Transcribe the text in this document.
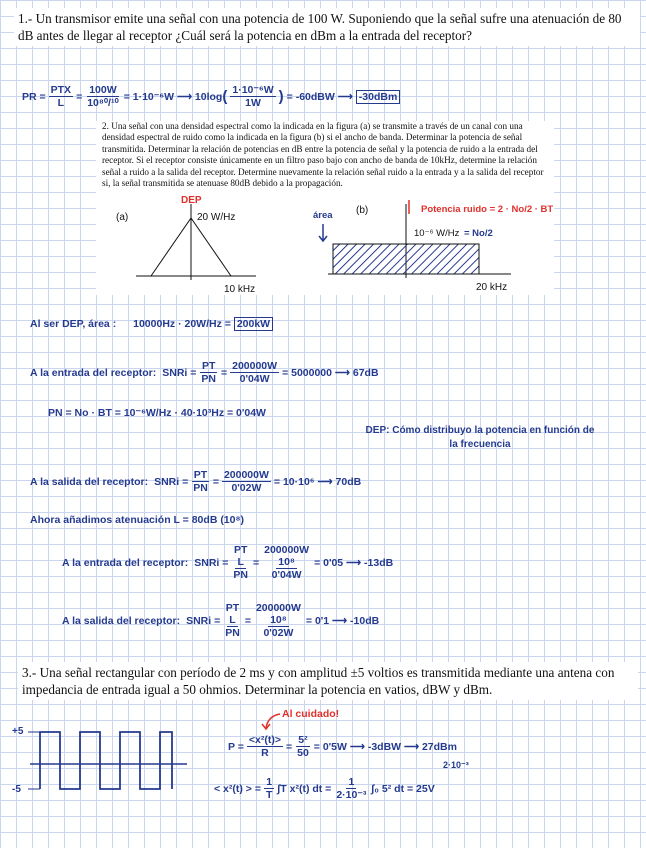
1.- Un transmisor emite una señal con una potencia de 100 W. Suponiendo que la señal sufre una atenuación de 80 dB antes de llegar al receptor ¿Cuál será la potencia en dBm a la entrada del receptor?
PR = $\frac{\text{PTX}}{L} = \frac{100W}{\text{10⁸⁰/¹⁰}} = 1\cdot 10^{-6}W$ ⟶ 10log ( $\frac{\text{1·10⁻⁶W}}{1W}$ ) = -60dBW ⟶ -30dBm

2. Una señal con una densidad espectral como la indicada en la figura (a) se transmite a través de un canal con una densidad espectral de ruido como la indicada en la figura (b) si el ancho de banda. Determinar la potencia de señal transmitida. Determinar la relación de potencias en dB entre la potencia de señal y la potencia de ruido a la entrada del receptor. Si el receptor consiste únicamente en un filtro paso bajo con ancho de banda de 10kHz, determine la relación señal a ruido a la salida del receptor. Determine nuevamente la relación señal ruido a la entrada y a la salida del receptor si, la señal transmitida se atenuase 80dB debido a la propagación.

(a)	20 W/Hz
10 kHz
DEP
(b)
10⁻⁶ W/Hz = No/2
20 kHz
área
Potencia ruido = 2 · No/2 · BT
Al ser DEP, área : 10000Hz · 20W/Hz = 200kW
A la entrada del receptor: SNRi = $\frac{PT}{PN} = \frac{200000W}{0'04W} = 5000000$ ⟶ 67dB
PN = No · BT = 10⁻⁶W/Hz · 40·10³Hz = 0'04W
DEP: Cómo distribuyo la potencia en función de la frecuencia
A la salida del receptor: SNRi = $\frac{PT}{PN} = \frac{200000W}{0'02W} = 10\cdot 10^6$ ⟶ 70dB
Ahora añadimos atenuación L = 80dB (10⁸)
A la entrada del receptor: SNRi =
PT
L
PN
=
200000W
10⁸
0'04W
= 0'05 ⟶ -13dB
A la salida del receptor: SNRi =
PT
L
PN
=
200000W
10⁸
0'02W
= 0'1 ⟶ -10dB
3.- Una señal rectangular con período de 2 ms y con amplitud ±5 voltios es transmitida mediante una antena con impedancia de entrada igual a 50 ohmios. Determinar la potencia en vatios, dBW y dBm.
+5
-5
Al cuidado!
$P = \frac{\text{<x²(t)>}}{R} = \frac{\text{5²}}{50} = 0'5W$ ⟶ -3dBW ⟶ 27dBm
2·10⁻³
< x²(t) > = $\frac{1}{T} \int T$ x²(t) dt = $\frac{1}{\text{2·10⁻³}} \int_0$ 5² dt = 25V
